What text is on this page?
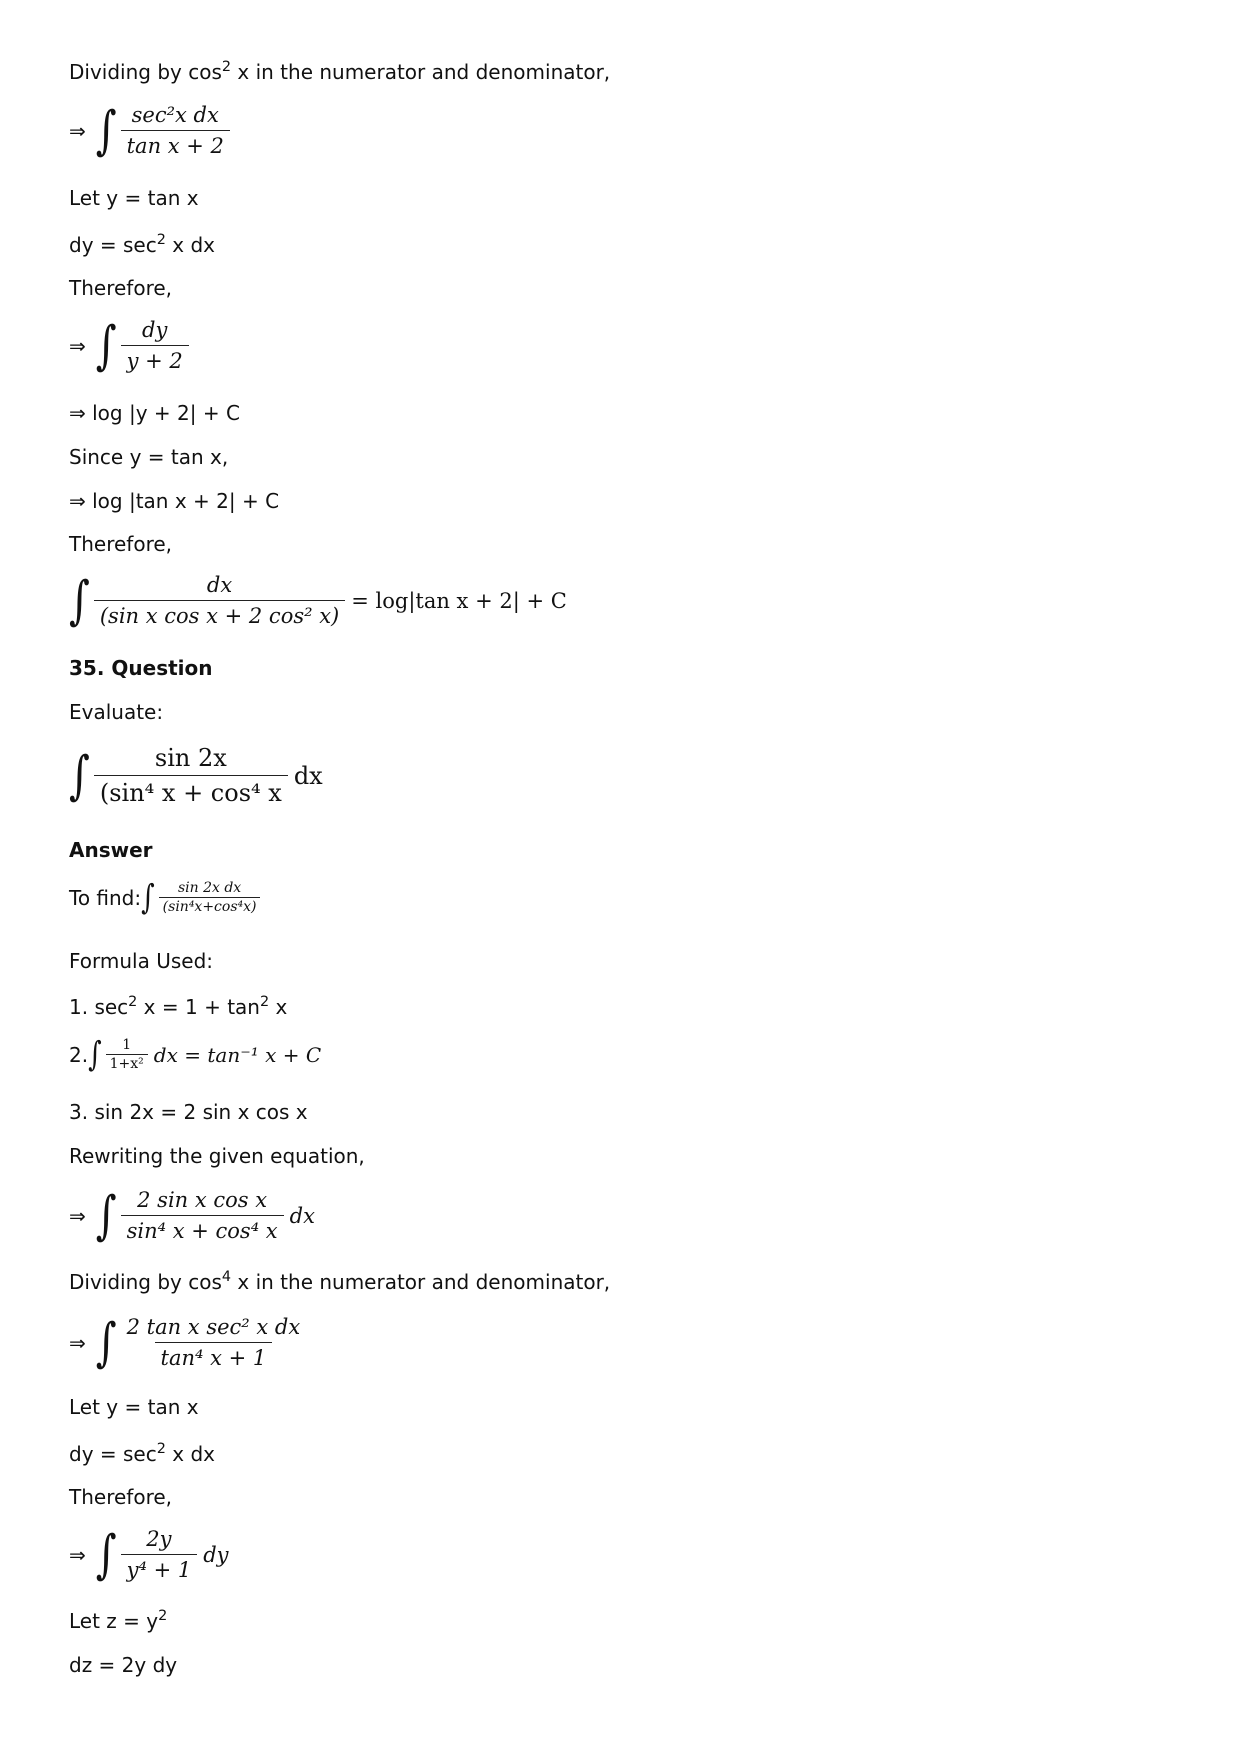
Dividing by $\cos^2 x$ in the numerator and denominator,
⇒ ∫ $\frac{\text{sec²x dx}}{\text{tan x + 2}}$
Let y = tan x
dy = $\sec^2 x$ dx
Therefore,
⇒ ∫ $\frac{dy}{y + 2}$
⇒ log |y + 2| + C
Since y = tan x,
⇒ log |tan x + 2| + C
Therefore,
∫ $\frac{dx}{\text{(sin x cos x + 2 cos² x)}} = \log|\tan$ x + 2| + C
35. Question
Evaluate:
∫ $\frac{\sin 2x}{\text{(sin⁴ x + cos⁴ x}}$ dx
Answer
To find: ∫ $\frac{\text{sin 2x dx}}{\text{(sin⁴x+cos⁴x)}}$
Formula Used:
1. $\sec^2 x = 1 + \tan^2 x$
2. ∫ $\frac{1}{\text{1+x²}}$ dx = tan⁻¹ x + C
3. sin 2x = 2 sin x cos x
Rewriting the given equation,
⇒ ∫ $\frac{\text{2 sin x cos x}}{\text{sin⁴ x + cos⁴ x}}$ dx
Dividing by $\cos^4 x$ in the numerator and denominator,
⇒ ∫ $\frac{\text{2 tan x sec² x dx}}{\text{tan⁴ x + 1}}$
Let y = tan x
dy = $\sec^2 x$ dx
Therefore,
⇒ ∫ $\frac{2y}{\text{y⁴ + 1}}$ dy
Let $z = y^2$
dz = 2y dy
